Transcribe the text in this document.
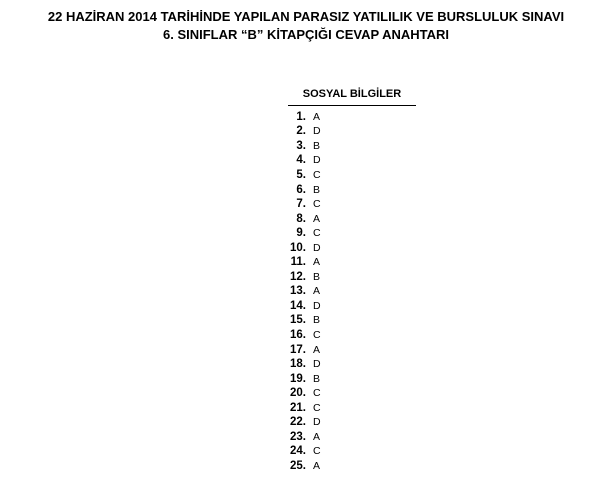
22 HAZİRAN 2014 TARİHİNDE YAPILAN PARASIZ YATILILIK VE BURSLULUK SINAVI
6. SINIFLAR “B” KİTAPÇIĞI CEVAP ANAHTARI
SOSYAL BİLGİLER
1. A
2. D
3. B
4. D
5. C
6. B
7. C
8. A
9. C
10. D
11. A
12. B
13. A
14. D
15. B
16. C
17. A
18. D
19. B
20. C
21. C
22. D
23. A
24. C
25. A
